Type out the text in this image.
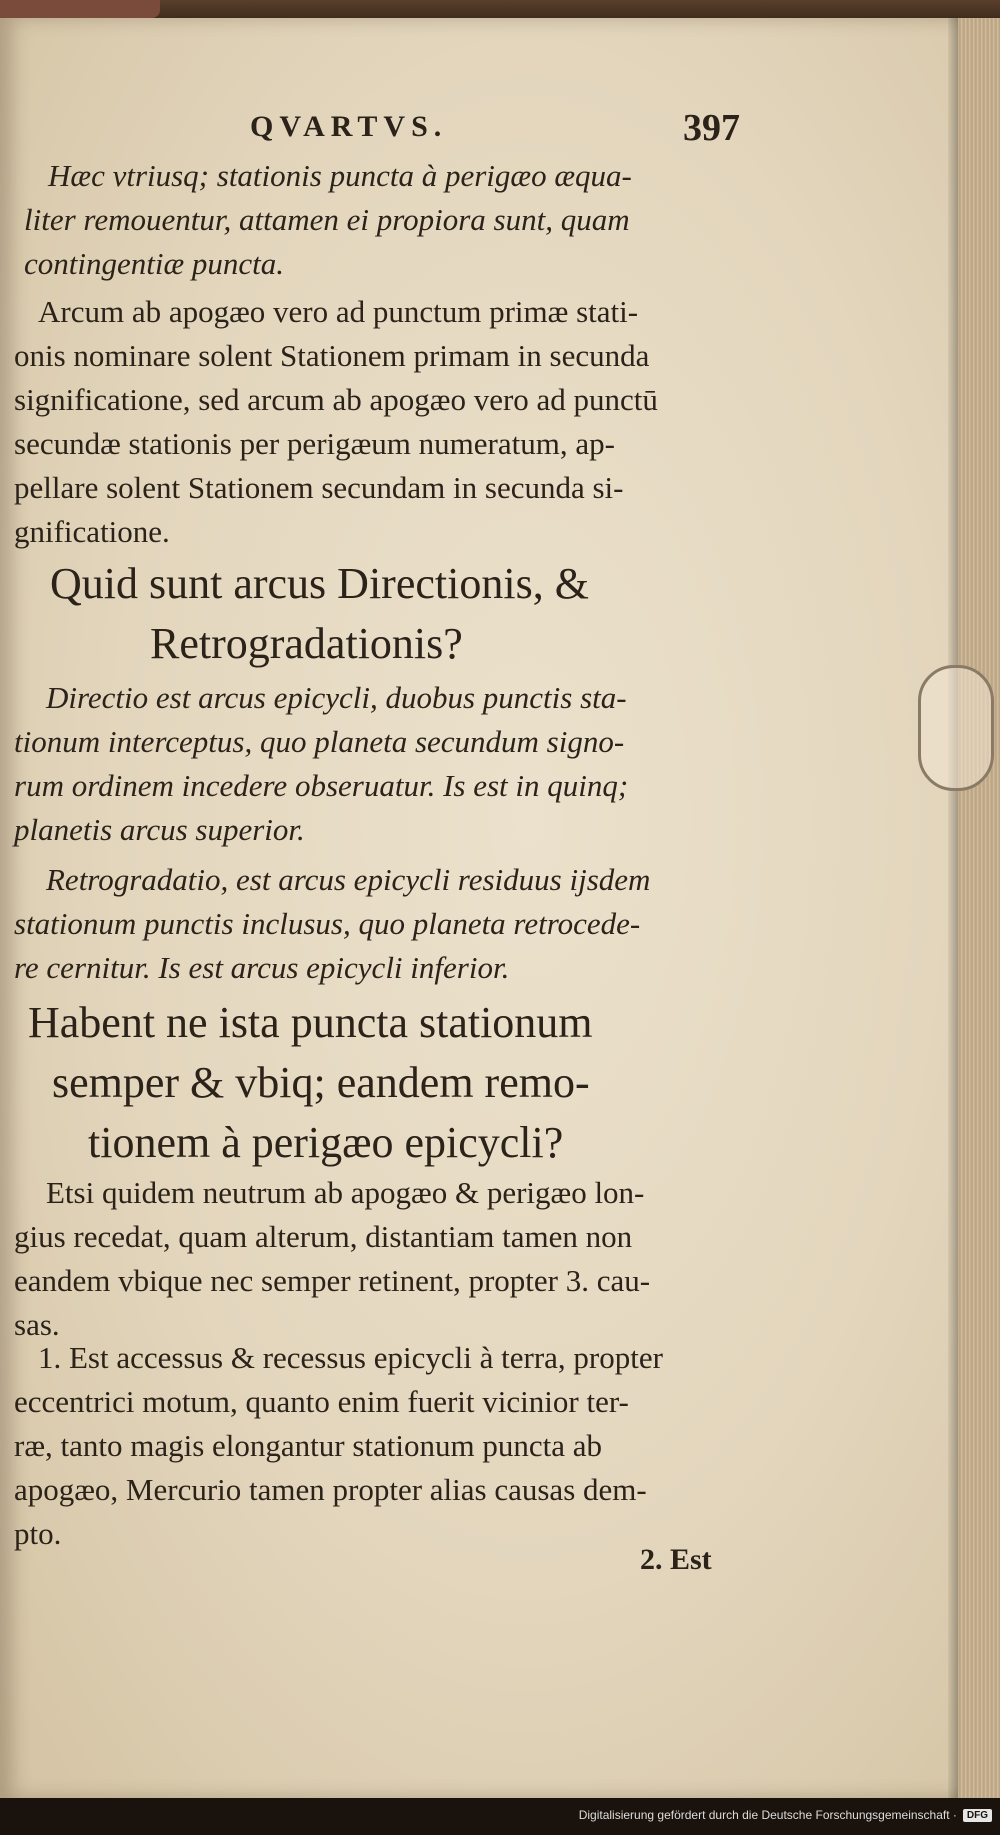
QVARTVS.	397
Hæc vtriusq; stationis puncta à perigæo æqua-
liter remouentur, attamen ei propiora sunt, quam
contingentiæ puncta.
Arcum ab apogæo vero ad punctum primæ stati-
onis nominare solent Stationem primam in secunda
significatione, sed arcum ab apogæo vero ad punctū
secundæ stationis per perigæum numeratum, ap-
pellare solent Stationem secundam in secunda si-
gnificatione.
Quid sunt arcus Directionis, &
Retrogradationis?
Directio est arcus epicycli, duobus punctis sta-
tionum interceptus, quo planeta secundum signo-
rum ordinem incedere obseruatur. Is est in quinq;
planetis arcus superior.
Retrogradatio, est arcus epicycli residuus ijsdem
stationum punctis inclusus, quo planeta retrocede-
re cernitur. Is est arcus epicycli inferior.
Habent ne ista puncta stationum
semper & vbiq; eandem remo-
tionem à perigæo epicycli?
Etsi quidem neutrum ab apogæo & perigæo lon-
gius recedat, quam alterum, distantiam tamen non
eandem vbique nec semper retinent, propter 3. cau-
sas.
1. Est accessus & recessus epicycli à terra, propter
eccentrici motum, quanto enim fuerit vicinior ter-
ræ, tanto magis elongantur stationum puncta ab
apogæo, Mercurio tamen propter alias causas dem-
pto.
2. Est
Digitalisierung gefördert durch die Deutsche Forschungsgemeinschaft ·	DFG
